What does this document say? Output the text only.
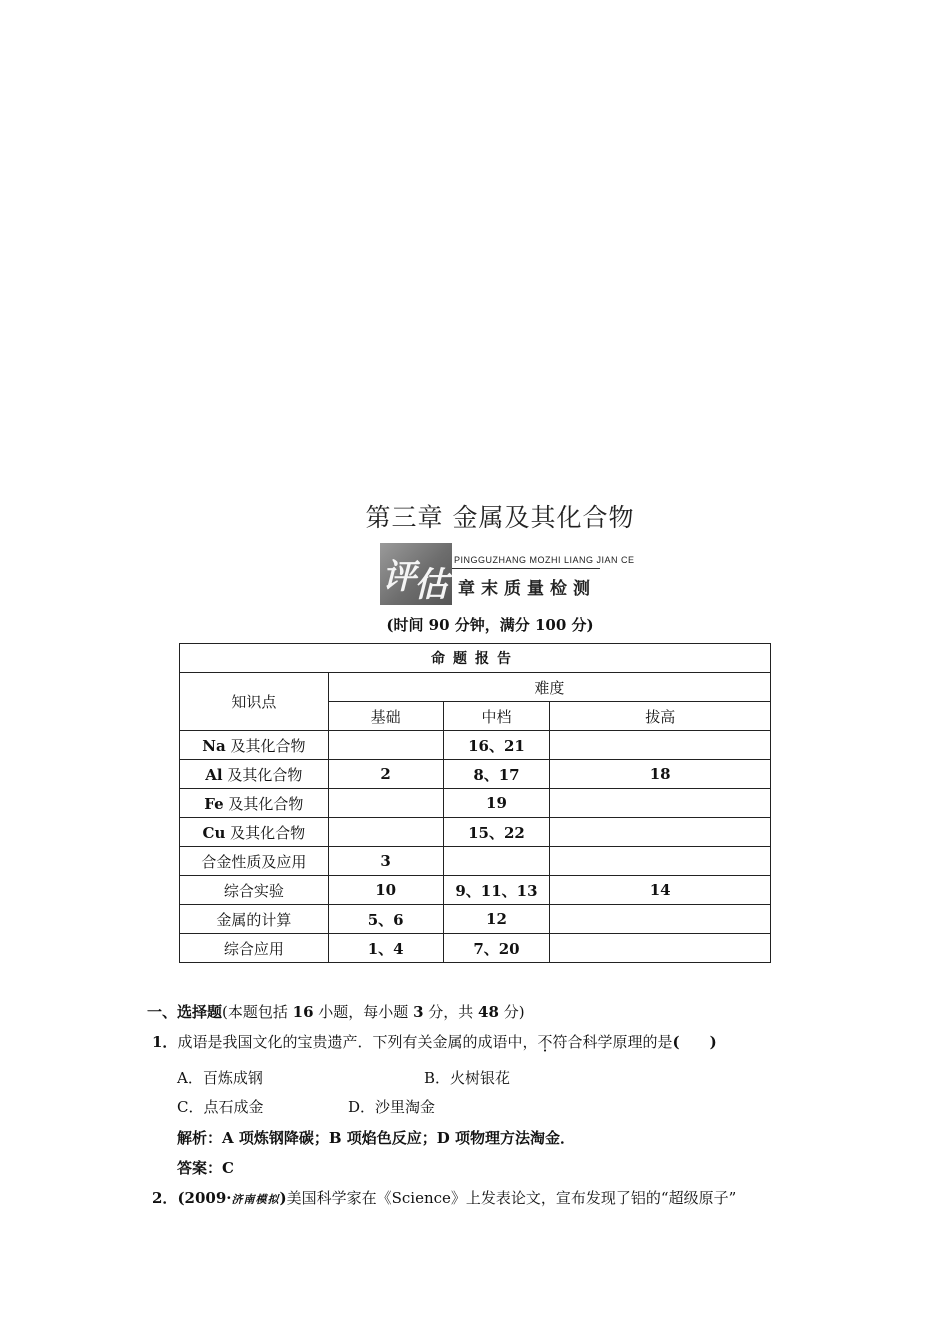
第三章 金属及其化合物
评
估
PINGGUZHANG MOZHI LIANG JIAN CE
章末质量检测
(时间 90 分钟，满分 100 分)
命题报告			
知识点	难度		
	基础	中档	拔高
Na 及其化合物		16、21	
Al 及其化合物	2	8、17	18
Fe 及其化合物		19	
Cu 及其化合物		15、22	
合金性质及应用	3		
综合实验	10	9、11、13	14
金属的计算	5、6	12	
综合应用	1、4	7、20	
一、选择题(本题包括 16 小题，每小题 3 分，共 48 分)
1．成语是我国文化的宝贵遗产．下列有关金属的成语中，不符合科学原理的是(　　)
A．百炼成钢	B．火树银花
C．点石成金	D．沙里淘金
解析：A 项炼钢降碳；B 项焰色反应；D 项物理方法淘金．
答案：C
2．(2009·济南模拟)美国科学家在《Science》上发表论文，宣布发现了铝的“超级原子”
